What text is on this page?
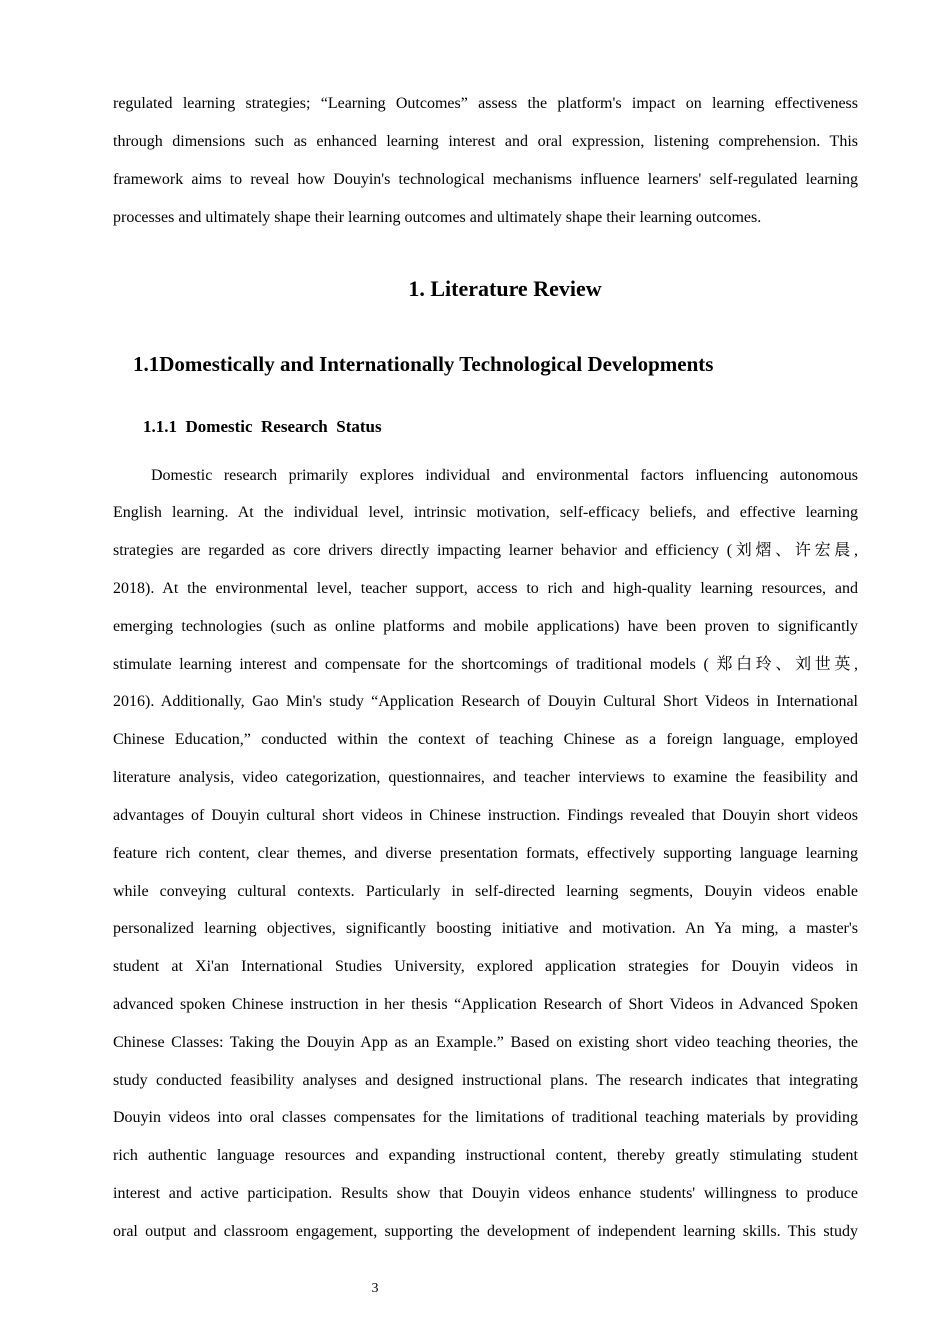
regulated learning strategies; “Learning Outcomes” assess the platform's impact on learning effectiveness
through dimensions such as enhanced learning interest and oral expression, listening comprehension. This
framework aims to reveal how Douyin's technological mechanisms influence learners' self-regulated learning
processes and ultimately shape their learning outcomes and ultimately shape their learning outcomes.
1. Literature Review
1.1Domestically and Internationally Technological Developments
1.1.1  Domestic  Research  Status
Domestic research primarily explores individual and environmental factors influencing autonomous
English learning. At the individual level, intrinsic motivation, self-efficacy beliefs, and effective learning
strategies are regarded as core drivers directly impacting learner behavior and efficiency (刘熠、许宏晨,
2018). At the environmental level, teacher support, access to rich and high-quality learning resources, and
emerging technologies (such as online platforms and mobile applications) have been proven to significantly
stimulate learning interest and compensate for the shortcomings of traditional models ( 郑白玲、刘世英,
2016). Additionally, Gao Min's study “Application Research of Douyin Cultural Short Videos in International
Chinese Education,” conducted within the context of teaching Chinese as a foreign language, employed
literature analysis, video categorization, questionnaires, and teacher interviews to examine the feasibility and
advantages of Douyin cultural short videos in Chinese instruction. Findings revealed that Douyin short videos
feature rich content, clear themes, and diverse presentation formats, effectively supporting language learning
while conveying cultural contexts. Particularly in self-directed learning segments, Douyin videos enable
personalized learning objectives, significantly boosting initiative and motivation. An Ya ming, a master's
student at Xi'an International Studies University, explored application strategies for Douyin videos in
advanced spoken Chinese instruction in her thesis “Application Research of Short Videos in Advanced Spoken
Chinese Classes: Taking the Douyin App as an Example.” Based on existing short video teaching theories, the
study conducted feasibility analyses and designed instructional plans. The research indicates that integrating
Douyin videos into oral classes compensates for the limitations of traditional teaching materials by providing
rich authentic language resources and expanding instructional content, thereby greatly stimulating student
interest and active participation. Results show that Douyin videos enhance students' willingness to produce
oral output and classroom engagement, supporting the development of independent learning skills. This study
3
